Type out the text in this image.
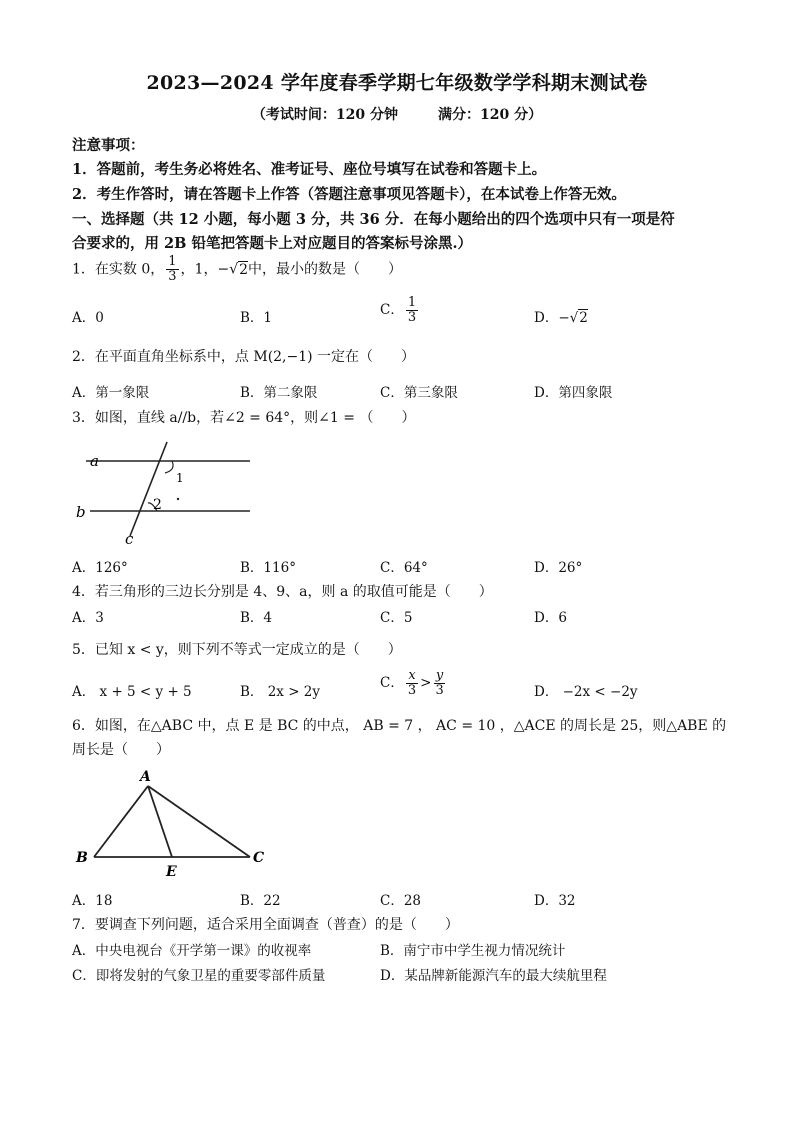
2023—2024 学年度春季学期七年级数学学科期末测试卷
（考试时间：120 分钟	满分：120 分）
注意事项：
1．答题前，考生务必将姓名、准考证号、座位号填写在试卷和答题卡上。
2．考生作答时，请在答题卡上作答（答题注意事项见答题卡），在本试卷上作答无效。
一、选择题（共 12 小题，每小题 3 分，共 36 分．在每小题给出的四个选项中只有一项是符
合要求的，用 2B 铅笔把答题卡上对应题目的答案标号涂黑.）
1．在实数 0， $\frac{1}{3}$ ，1，−√2中，最小的数是（　　）
A．0	B．1	C． $\frac{1}{3}$	D．−√2
2．在平面直角坐标系中，点 M(2,−1) 一定在（　　）
A．第一象限	B．第二象限	C．第三象限	D．第四象限
3．如图，直线 a//b，若∠2 = 64°，则∠1 = （　　）
a
b
c
1
2
A．126°	B．116°	C．64°	D．26°
4．若三角形的三边长分别是 4、9、a，则 a 的取值可能是（　　）
A．3	B．4	C．5	D．6
5．已知 x < y，则下列不等式一定成立的是（　　）
A． x + 5 < y + 5	B． 2x > 2y
C． $\frac{x}{3} > \frac{y}{3}$	D． −2x < −2y
6．如图，在△ABC 中，点 E 是 BC 的中点， AB = 7 ， AC = 10 ，△ACE 的周长是 25，则△ABE 的
周长是（　　）
A
B	C
E
A．18	B．22	C．28	D．32
7．要调查下列问题，适合采用全面调查（普查）的是（　　）
A．中央电视台《开学第一课》的收视率	B．南宁市中学生视力情况统计
C．即将发射的气象卫星的重要零部件质量	D．某品牌新能源汽车的最大续航里程
